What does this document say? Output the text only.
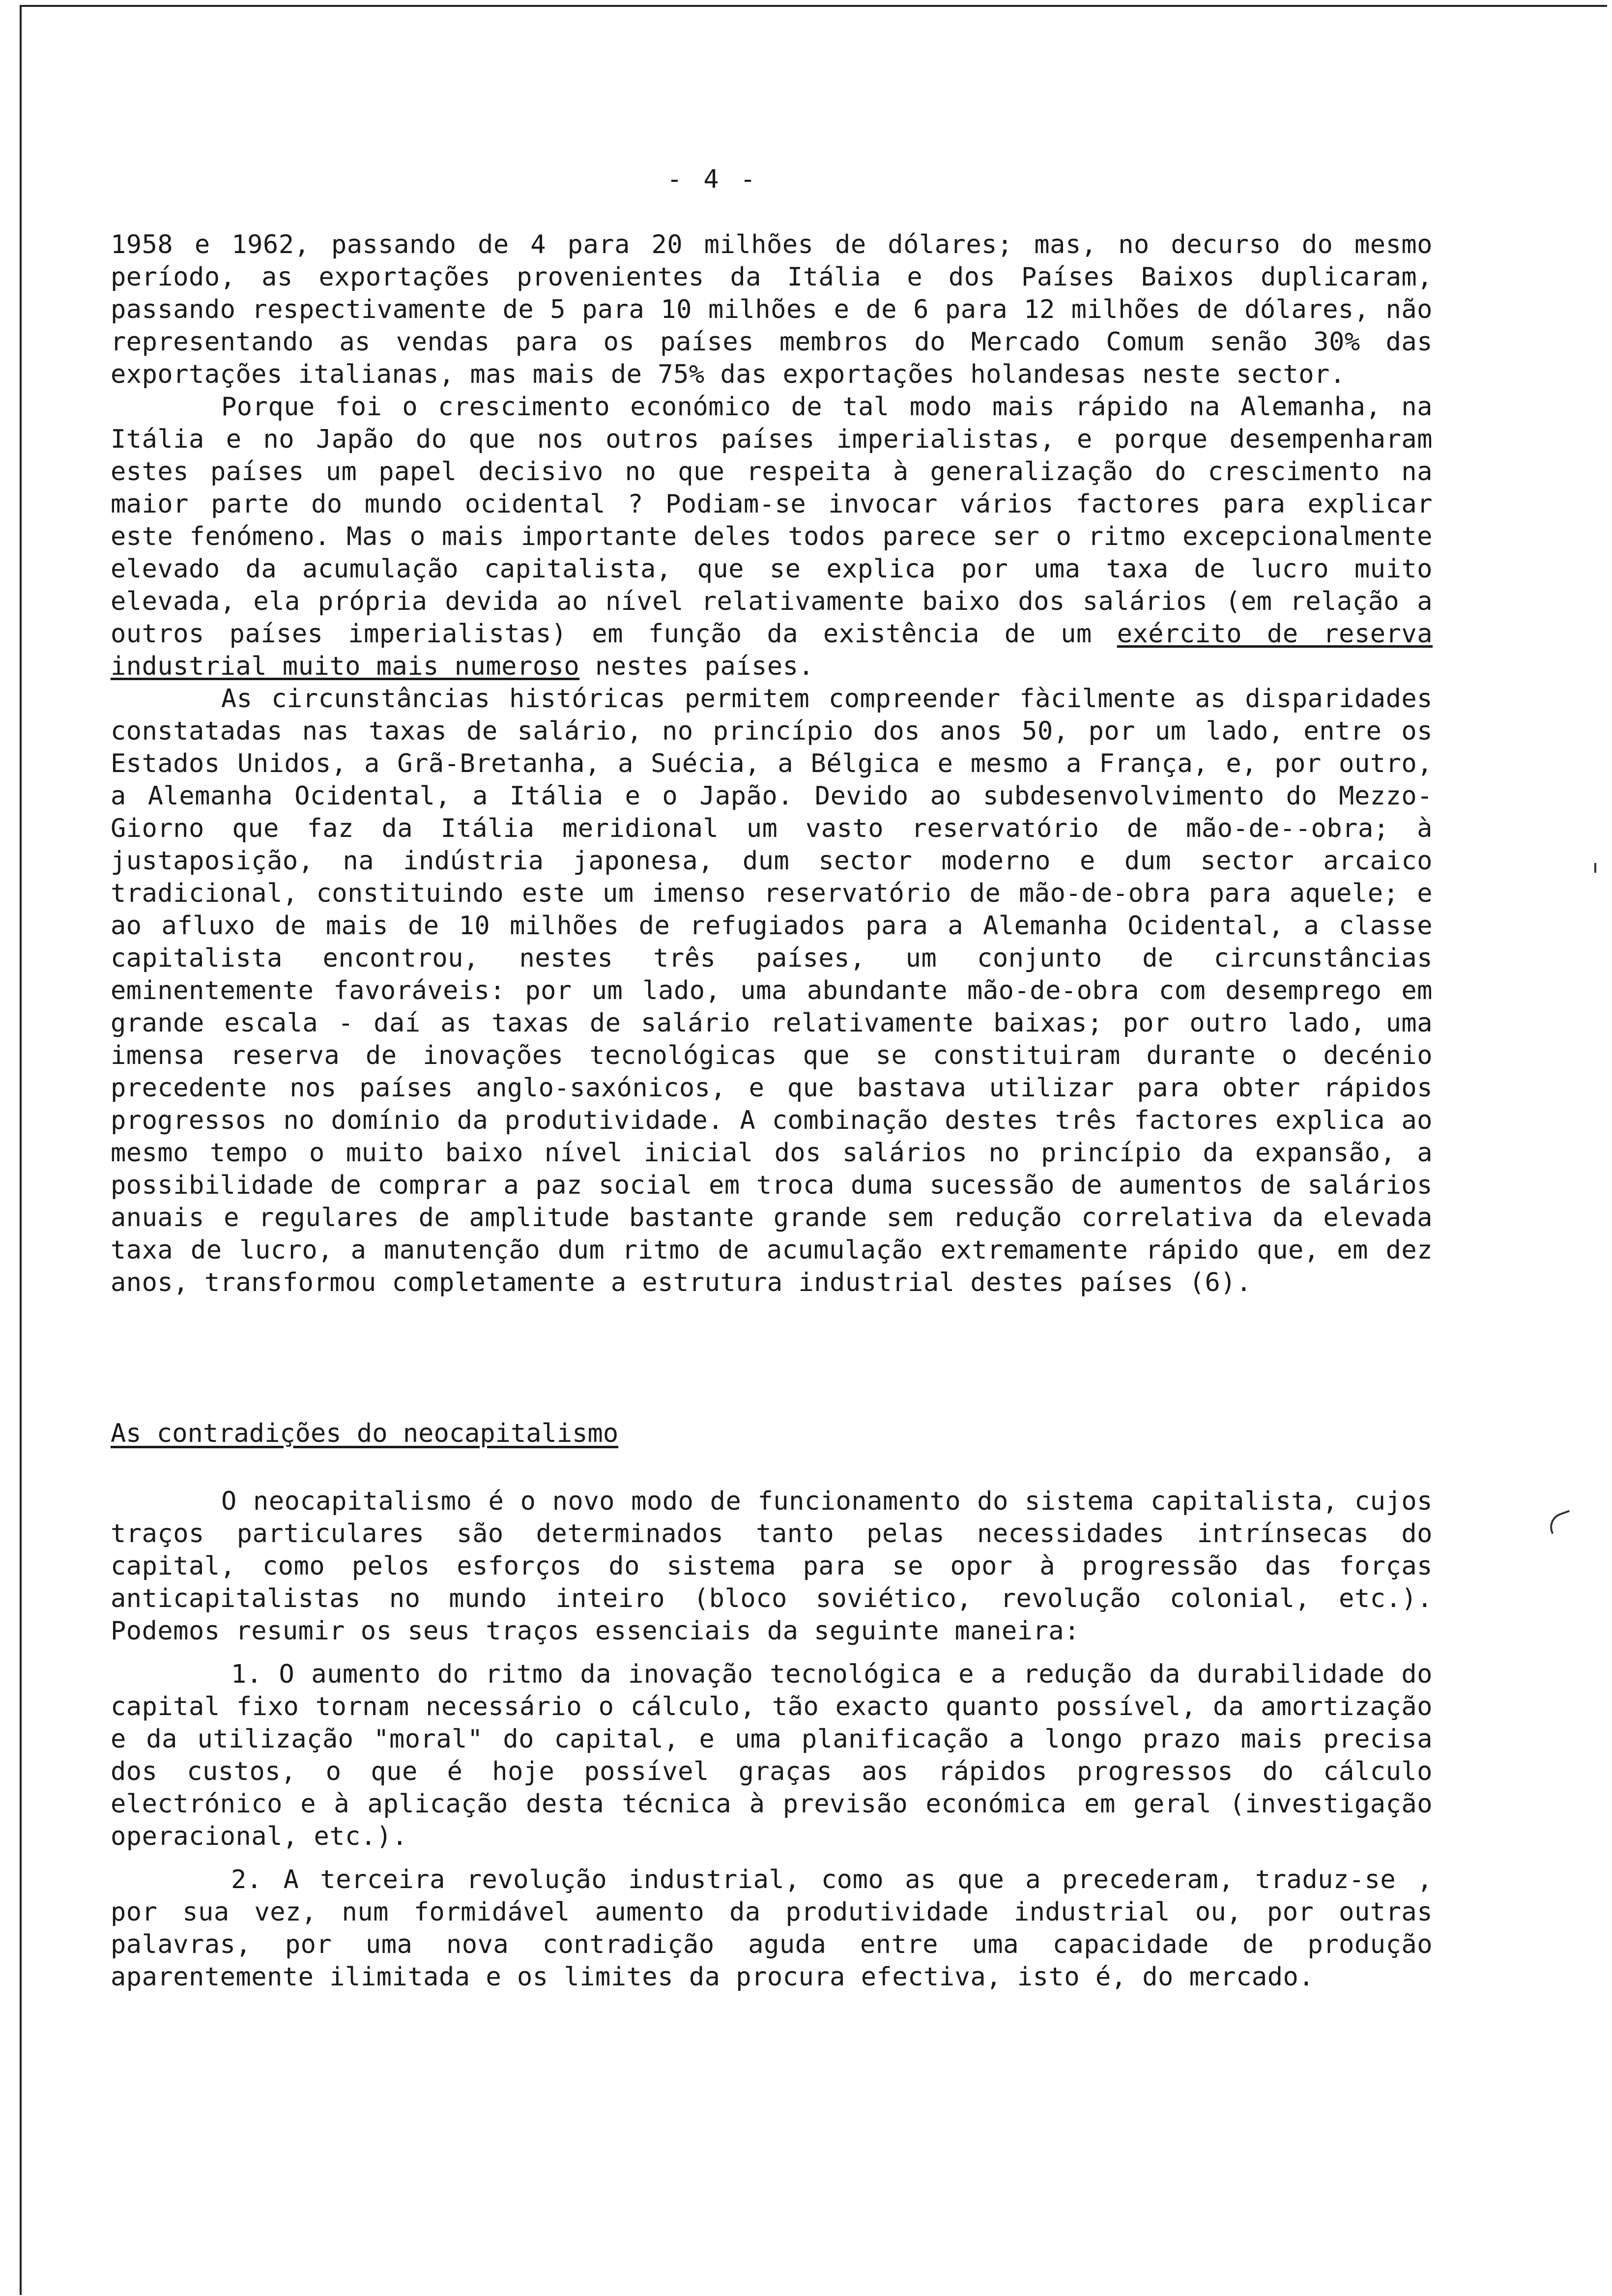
- 4 -

1958 e 1962, passando de 4 para 20 milhões de dólares; mas, no decurso do mesmo período, as exportações provenientes da Itália e dos Países Baixos duplicaram, passando respectivamente de 5 para 10 milhões e de 6 para 12 milhões de dólares, não representando as vendas para os países membros do Mercado Comum senão 30% das exportações italianas, mas mais de 75% das exportações holandesas neste sector.

Porque foi o crescimento económico de tal modo mais rápido na Alemanha, na Itália e no Japão do que nos outros países imperialistas, e porque desempenharam estes países um papel decisivo no que respeita à generalização do crescimento na maior parte do mundo ocidental ? Podiam-se invocar vários factores para explicar este fenómeno. Mas o mais importante deles todos parece ser o ritmo excepcionalmente elevado da acumulação capitalista, que se explica por uma taxa de lucro muito elevada, ela própria devida ao nível relativamente baixo dos salários (em relação a outros países imperialistas) em função da existência de um exército de reserva industrial muito mais numeroso nestes países.

As circunstâncias históricas permitem compreender fàcilmente as disparidades constatadas nas taxas de salário, no princípio dos anos 50, por um lado, entre os Estados Unidos, a Grã-Bretanha, a Suécia, a Bélgica e mesmo a França, e, por outro, a Alemanha Ocidental, a Itália e o Japão. Devido ao subdesenvolvimento do Mezzo-Giorno que faz da Itália meridional um vasto reservatório de mão-de--obra; à justaposição, na indústria japonesa, dum sector moderno e dum sector arcaico tradicional, constituindo este um imenso reservatório de mão-de-obra para aquele; e ao afluxo de mais de 10 milhões de refugiados para a Alemanha Ocidental, a classe capitalista encontrou, nestes três países, um conjunto de circunstâncias eminentemente favoráveis: por um lado, uma abundante mão-de-obra com desemprego em grande escala - daí as taxas de salário relativamente baixas; por outro lado, uma imensa reserva de inovações tecnológicas que se constituiram durante o decénio precedente nos países anglo-saxónicos, e que bastava utilizar para obter rápidos progressos no domínio da produtividade. A combinação destes três factores explica ao mesmo tempo o muito baixo nível inicial dos salários no princípio da expansão, a possibilidade de comprar a paz social em troca duma sucessão de aumentos de salários anuais e regulares de amplitude bastante grande sem redução correlativa da elevada taxa de lucro, a manutenção dum ritmo de acumulação extremamente rápido que, em dez anos, transformou completamente a estrutura industrial destes países (6).

As contradições do neocapitalismo

O neocapitalismo é o novo modo de funcionamento do sistema capitalista, cujos traços particulares são determinados tanto pelas necessidades intrínsecas do capital, como pelos esforços do sistema para se opor à progressão das forças anticapitalistas no mundo inteiro (bloco soviético, revolução colonial, etc.). Podemos resumir os seus traços essenciais da seguinte maneira:

1. O aumento do ritmo da inovação tecnológica e a redução da durabilidade do capital fixo tornam necessário o cálculo, tão exacto quanto possível, da amortização e da utilização "moral" do capital, e uma planificação a longo prazo mais precisa dos custos, o que é hoje possível graças aos rápidos progressos do cálculo electrónico e à aplicação desta técnica à previsão económica em geral (investigação operacional, etc.).

2. A terceira revolução industrial, como as que a precederam, traduz-se , por sua vez, num formidável aumento da produtividade industrial ou, por outras palavras, por uma nova contradição aguda entre uma capacidade de produção aparentemente ilimitada e os limites da procura efectiva, isto é, do mercado.
